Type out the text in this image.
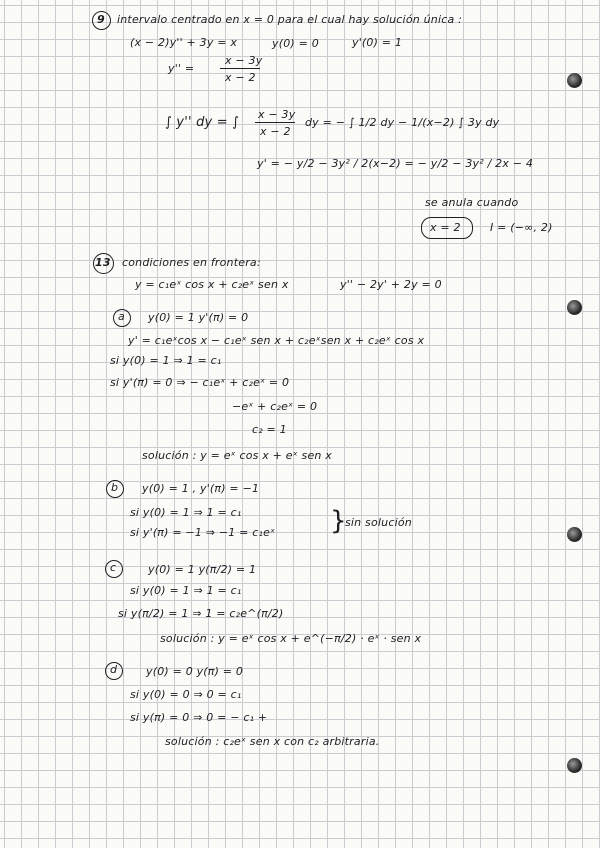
9 intervalo centrado en x = 0 para el cual hay solución única :
(x − 2)y'' + 3y = x	y(0) = 0	y'(0) = 1
y'' =
x − 3y
x − 2
∫ y'' dy = ∫
x − 3y
x − 2
dy = − ∫ 1/2 dy − 1/(x−2) ∫ 3y dy
y' = − y/2 − 3y² / 2(x−2) = − y/2 − 3y² / 2x − 4
se anula cuando
x = 2	I = (−∞, 2)
13 condiciones en frontera:
y = c₁eˣ cos x + c₂eˣ sen x	y'' − 2y' + 2y = 0
a y(0) = 1 y'(π) = 0
y' = c₁eˣcos x − c₁eˣ sen x + c₂eˣsen x + c₂eˣ cos x
si y(0) = 1 ⇒ 1 = c₁
si y'(π) = 0 ⇒ − c₁eˣ + c₂eˣ = 0
−eˣ + c₂eˣ = 0
c₂ = 1
solución : y = eˣ cos x + eˣ sen x
b y(0) = 1 , y'(π) = −1
si y(0) = 1 ⇒ 1 = c₁
si y'(π) = −1 ⇒ −1 = c₁eˣ }
sin solución
c	y(0) = 1 y(π/2) = 1
si y(0) = 1 ⇒ 1 = c₁
si y(π/2) = 1 ⇒ 1 = c₂e^(π/2)
solución : y = eˣ cos x + e^(−π/2) · eˣ · sen x
d	y(0) = 0 y(π) = 0
si y(0) = 0 ⇒ 0 = c₁
si y(π) = 0 ⇒ 0 = − c₁ +
solución : c₂eˣ sen x con c₂ arbitraria.
